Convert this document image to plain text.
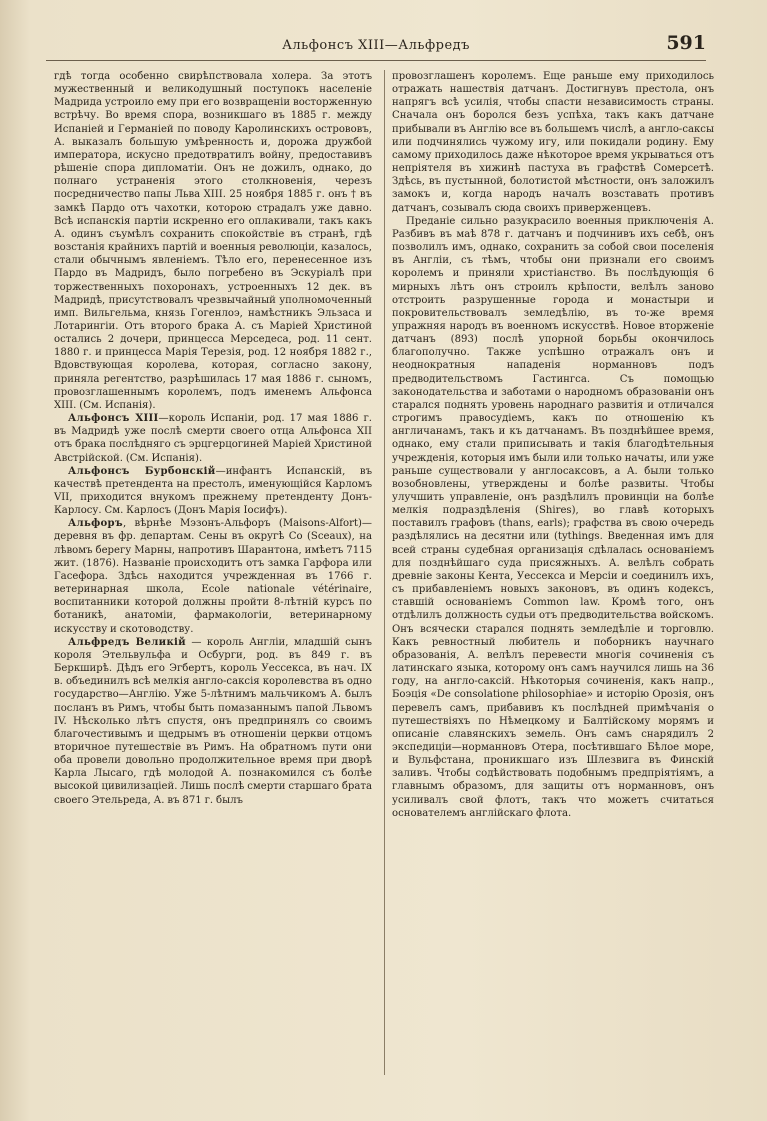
Альфонсъ XIII—Альфредъ	591

гдѣ тогда особенно свирѣпствовала холера. За этотъ мужественный и великодушный поступокъ населеніе Мадрида устроило ему при его возвращеніи восторженную встрѣчу. Во время спора, возникшаго въ 1885 г. между Испаніей и Германіей по поводу Каролинскихъ острововъ, А. выказалъ большую умѣренность и, дорожа дружбой императора, искусно предотвратилъ войну, предоставивъ рѣшеніе спора дипломатіи. Онъ не дожилъ, однако, до полнаго устраненія этого столкновенія, черезъ посредничество папы Льва XIII. 25 ноября 1885 г. онъ † въ замкѣ Пардо отъ чахотки, которою страдалъ уже давно. Всѣ испанскія партіи искренно его оплакивали, такъ какъ А. одинъ съумѣлъ сохранить спокойствіе въ странѣ, гдѣ возстанія крайнихъ партій и военныя революціи, казалось, стали обычнымъ явленіемъ. Тѣло его, перенесенное изъ Пардо въ Мадридъ, было погребено въ Эскуріалѣ при торжественныхъ похоронахъ, устроенныхъ 12 дек. въ Мадридѣ, присутствовалъ чрезвычайный уполномоченный имп. Вильгельма, князь Гогенлоэ, намѣстникъ Эльзаса и Лотарингіи. Отъ второго брака А. съ Маріей Христиной остались 2 дочери, принцесса Мерседеса, род. 11 сент. 1880 г. и принцесса Марія Терезія, род. 12 ноября 1882 г., Вдовствующая королева, которая, согласно закону, приняла регентство, разрѣшилась 17 мая 1886 г. сыномъ, провозглашеннымъ королемъ, подъ именемъ Альфонса XIII. (См. Испанія).

Альфонсъ XIII—король Испаніи, род. 17 мая 1886 г. въ Мадридѣ уже послѣ смерти своего отца Альфонса XII отъ брака послѣдняго съ эрцгерцогиней Маріей Христиной Австрійской. (См. Испанія).

Альфонсъ Бурбонскій—инфантъ Испанскій, въ качествѣ претендента на престолъ, именующійся Карломъ VII, приходится внукомъ прежнему претенденту Донъ-Карлосу. См. Карлосъ (Донъ Марія Іосифъ).

Альфоръ, вѣрнѣе Мэзонъ-Альфоръ (Maisons-Alfort)—деревня въ фр. департам. Сены въ округѣ Со (Sceaux), на лѣвомъ берегу Марны, напротивъ Шарантона, имѣетъ 7115 жит. (1876). Названіе происходитъ отъ замка Гарфора или Гасефора. Здѣсь находится учрежденная въ 1766 г. ветеринарная школа, Ecole nationale vétérinaire, воспитанники которой должны пройти 8-лѣтній курсъ по ботаникѣ, анатоміи, фармакологіи, ветеринарному искусству и скотоводству.

Альфредъ Великій — король Англіи, младшій сынъ короля Этельвульфа и Осбурги, род. въ 849 г. въ Беркширѣ. Дѣдъ его Эгбертъ, король Уессекса, въ нач. IX в. объединилъ всѣ мелкія англо-саксія королевства въ одно государство—Англію. Уже 5-лѣтнимъ мальчикомъ А. былъ посланъ въ Римъ, чтобы быть помазаннымъ папой Львомъ IV. Нѣсколько лѣтъ спустя, онъ предпринялъ со своимъ благочестивымъ и щедрымъ въ отношеніи церкви отцомъ вторичное путешествіе въ Римъ. На обратномъ пути они оба провели довольно продолжительное время при дворѣ Карла Лысаго, гдѣ молодой А. познакомился съ болѣе высокой цивилизаціей. Лишь послѣ смерти старшаго брата своего Этельреда, А. въ 871 г. былъ

провозглашенъ королемъ. Еще раньше ему приходилось отражать нашествія датчанъ. Достигнувъ престола, онъ напрягъ всѣ усилія, чтобы спасти независимость страны. Сначала онъ боролся безъ успѣха, такъ какъ датчане прибывали въ Англію все въ большемъ числѣ, а англо-саксы или подчинялись чужому игу, или покидали родину. Ему самому приходилось даже нѣкоторое время укрываться отъ непріятеля въ хижинѣ пастуха въ графствѣ Сомерсетѣ. Здѣсь, въ пустынной, болотистой мѣстности, онъ заложилъ замокъ и, когда народъ началъ возставать противъ датчанъ, созывалъ сюда своихъ приверженцевъ.

Преданіе сильно разукрасило военныя приключенія А. Разбивъ въ маѣ 878 г. датчанъ и подчинивъ ихъ себѣ, онъ позволилъ имъ, однако, сохранить за собой свои поселенія въ Англіи, съ тѣмъ, чтобы они признали его своимъ королемъ и приняли христіанство. Въ послѣдующія 6 мирныхъ лѣтъ онъ строилъ крѣпости, велѣлъ заново отстроить разрушенные города и монастыри и покровительствовалъ земледѣлію, въ то-же время упражняя народъ въ военномъ искусствѣ. Новое вторженіе датчанъ (893) послѣ упорной борьбы окончилось благополучно. Также успѣшно отражалъ онъ и неоднократныя нападенія норманновъ подъ предводительствомъ Гастингса. Съ помощью законодательства и заботами о народномъ образованіи онъ старался поднять уровень народнаго развитія и отличался строгимъ правосудіемъ, какъ по отношенію къ англичанамъ, такъ и къ датчанамъ. Въ позднѣйшее время, однако, ему стали приписывать и такія благодѣтельныя учрежденія, которыя имъ были или только начаты, или уже раньше существовали у англосаксовъ, а А. были только возобновлены, утверждены и болѣе развиты. Чтобы улучшить управленіе, онъ раздѣлилъ провинціи на болѣе мелкія подраздѣленія (Shires), во главѣ которыхъ поставилъ графовъ (thans, earls); графства въ свою очередь раздѣлялись на десятни или (tythings. Введенная имъ для всей страны судебная организація сдѣлалась основаніемъ для позднѣйшаго суда присяжныхъ. А. велѣлъ собрать древніе законы Кента, Уессекса и Мерсіи и соединилъ ихъ, съ прибавленіемъ новыхъ законовъ, въ одинъ кодексъ, ставшій основаніемъ Common law. Кромѣ того, онъ отдѣлилъ должность судьи отъ предводительства войскомъ. Онъ всячески старался поднять земледѣліе и торговлю. Какъ ревностный любитель и поборникъ научнаго образованія, А. велѣлъ перевести многія сочиненія съ латинскаго языка, которому онъ самъ научился лишь на 36 году, на англо-саксій. Нѣкоторыя сочиненія, какъ напр., Боэція «De consolatione philosophiae» и исторію Орозія, онъ перевелъ самъ, прибавивъ къ послѣдней примѣчанія о путешествіяхъ по Нѣмецкому и Балтійскому морямъ и описаніе славянскихъ земель. Онъ самъ снарядилъ 2 экспедиціи—норманновъ Отера, посѣтившаго Бѣлое море, и Вульфстана, проникшаго изъ Шлезвига въ Финскій заливъ. Чтобы содѣйствовать подобнымъ предпріятіямъ, а главнымъ образомъ, для защиты отъ норманновъ, онъ усиливалъ свой флотъ, такъ что можетъ считаться основателемъ англійскаго флота.
